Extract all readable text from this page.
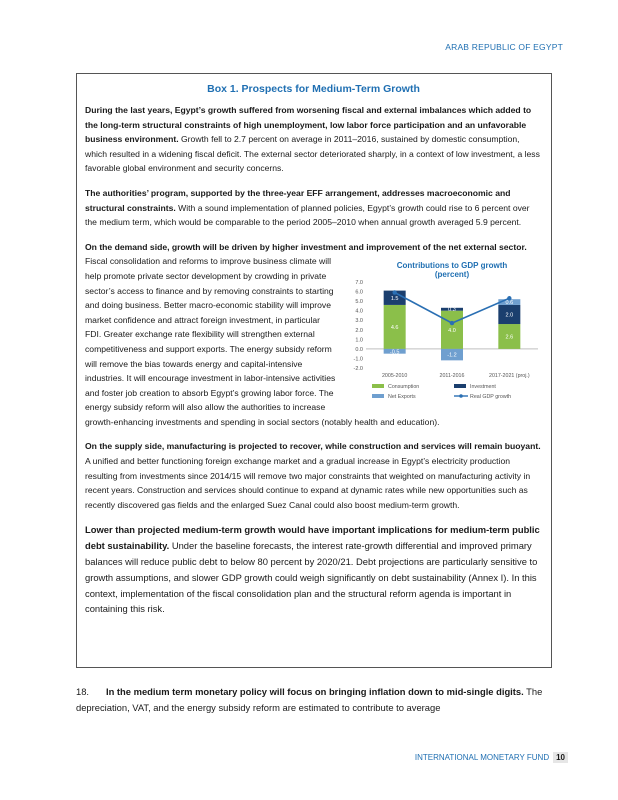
ARAB REPUBLIC OF EGYPT
Box 1. Prospects for Medium-Term Growth

During the last years, Egypt’s growth suffered from worsening fiscal and external imbalances which added to the long-term structural constraints of high unemployment, low labor force participation and an unfavorable business environment. Growth fell to 2.7 percent on average in 2011–2016, sustained by domestic consumption, which resulted in a widening fiscal deficit. The external sector deteriorated sharply, in a context of low investment, a less favorable global environment and security concerns.

The authorities’ program, supported by the three-year EFF arrangement, addresses macroeconomic and structural constraints. With a sound implementation of planned policies, Egypt’s growth could rise to 6 percent over the medium term, which would be comparable to the period 2005–2010 when annual growth averaged 5.9 percent.

On the demand side, growth will be driven by higher investment and improvement of the net external sector.
Contributions to GDP growth
(percent)
7.0
6.0
5.0
4.0
3.0
2.0
1.0
0.0
-1.0
-2.0
4.6
1.5
-0.5
2005-2010
4.0
0.3
-1.2
2011-2016
2.6
2.0
0.6
2017-2021 (proj.)
Consumption	Investment
Net Exports	Real GDP growth
Fiscal consolidation and reforms to improve business climate will help promote private sector development by crowding in private sector’s access to finance and by removing constraints to starting and doing business. Better macro-economic stability will improve market confidence and attract foreign investment, in particular FDI. Greater exchange rate flexibility will strengthen external competitiveness and support exports. The energy subsidy reform will remove the bias towards energy and capital-intensive industries. It will encourage investment in labor-intensive activities and foster job creation to absorb Egypt’s growing labor force. The energy subsidy reform will also allow the authorities to increase growth-enhancing investments and spending in social sectors (notably health and education).

On the supply side, manufacturing is projected to recover, while construction and services will remain buoyant. A unified and better functioning foreign exchange market and a gradual increase in Egypt’s electricity production resulting from investments since 2014/15 will remove two major constraints that weighted on manufacturing activity in recent years. Construction and services should continue to expand at dynamic rates while new opportunities such as recently discovered gas fields and the enlarged Suez Canal could also boost medium-term growth.

Lower than projected medium-term growth would have important implications for medium-term public debt sustainability. Under the baseline forecasts, the interest rate-growth differential and improved primary balances will reduce public debt to below 80 percent by 2020/21. Debt projections are particularly sensitive to growth assumptions, and slower GDP growth could weigh significantly on debt sustainability (Annex I). In this context, implementation of the fiscal consolidation plan and the structural reform agenda is important in containing this risk.

18. In the medium term monetary policy will focus on bringing inflation down to mid-single digits. The depreciation, VAT, and the energy subsidy reform are estimated to contribute to average

INTERNATIONAL MONETARY FUND 10
